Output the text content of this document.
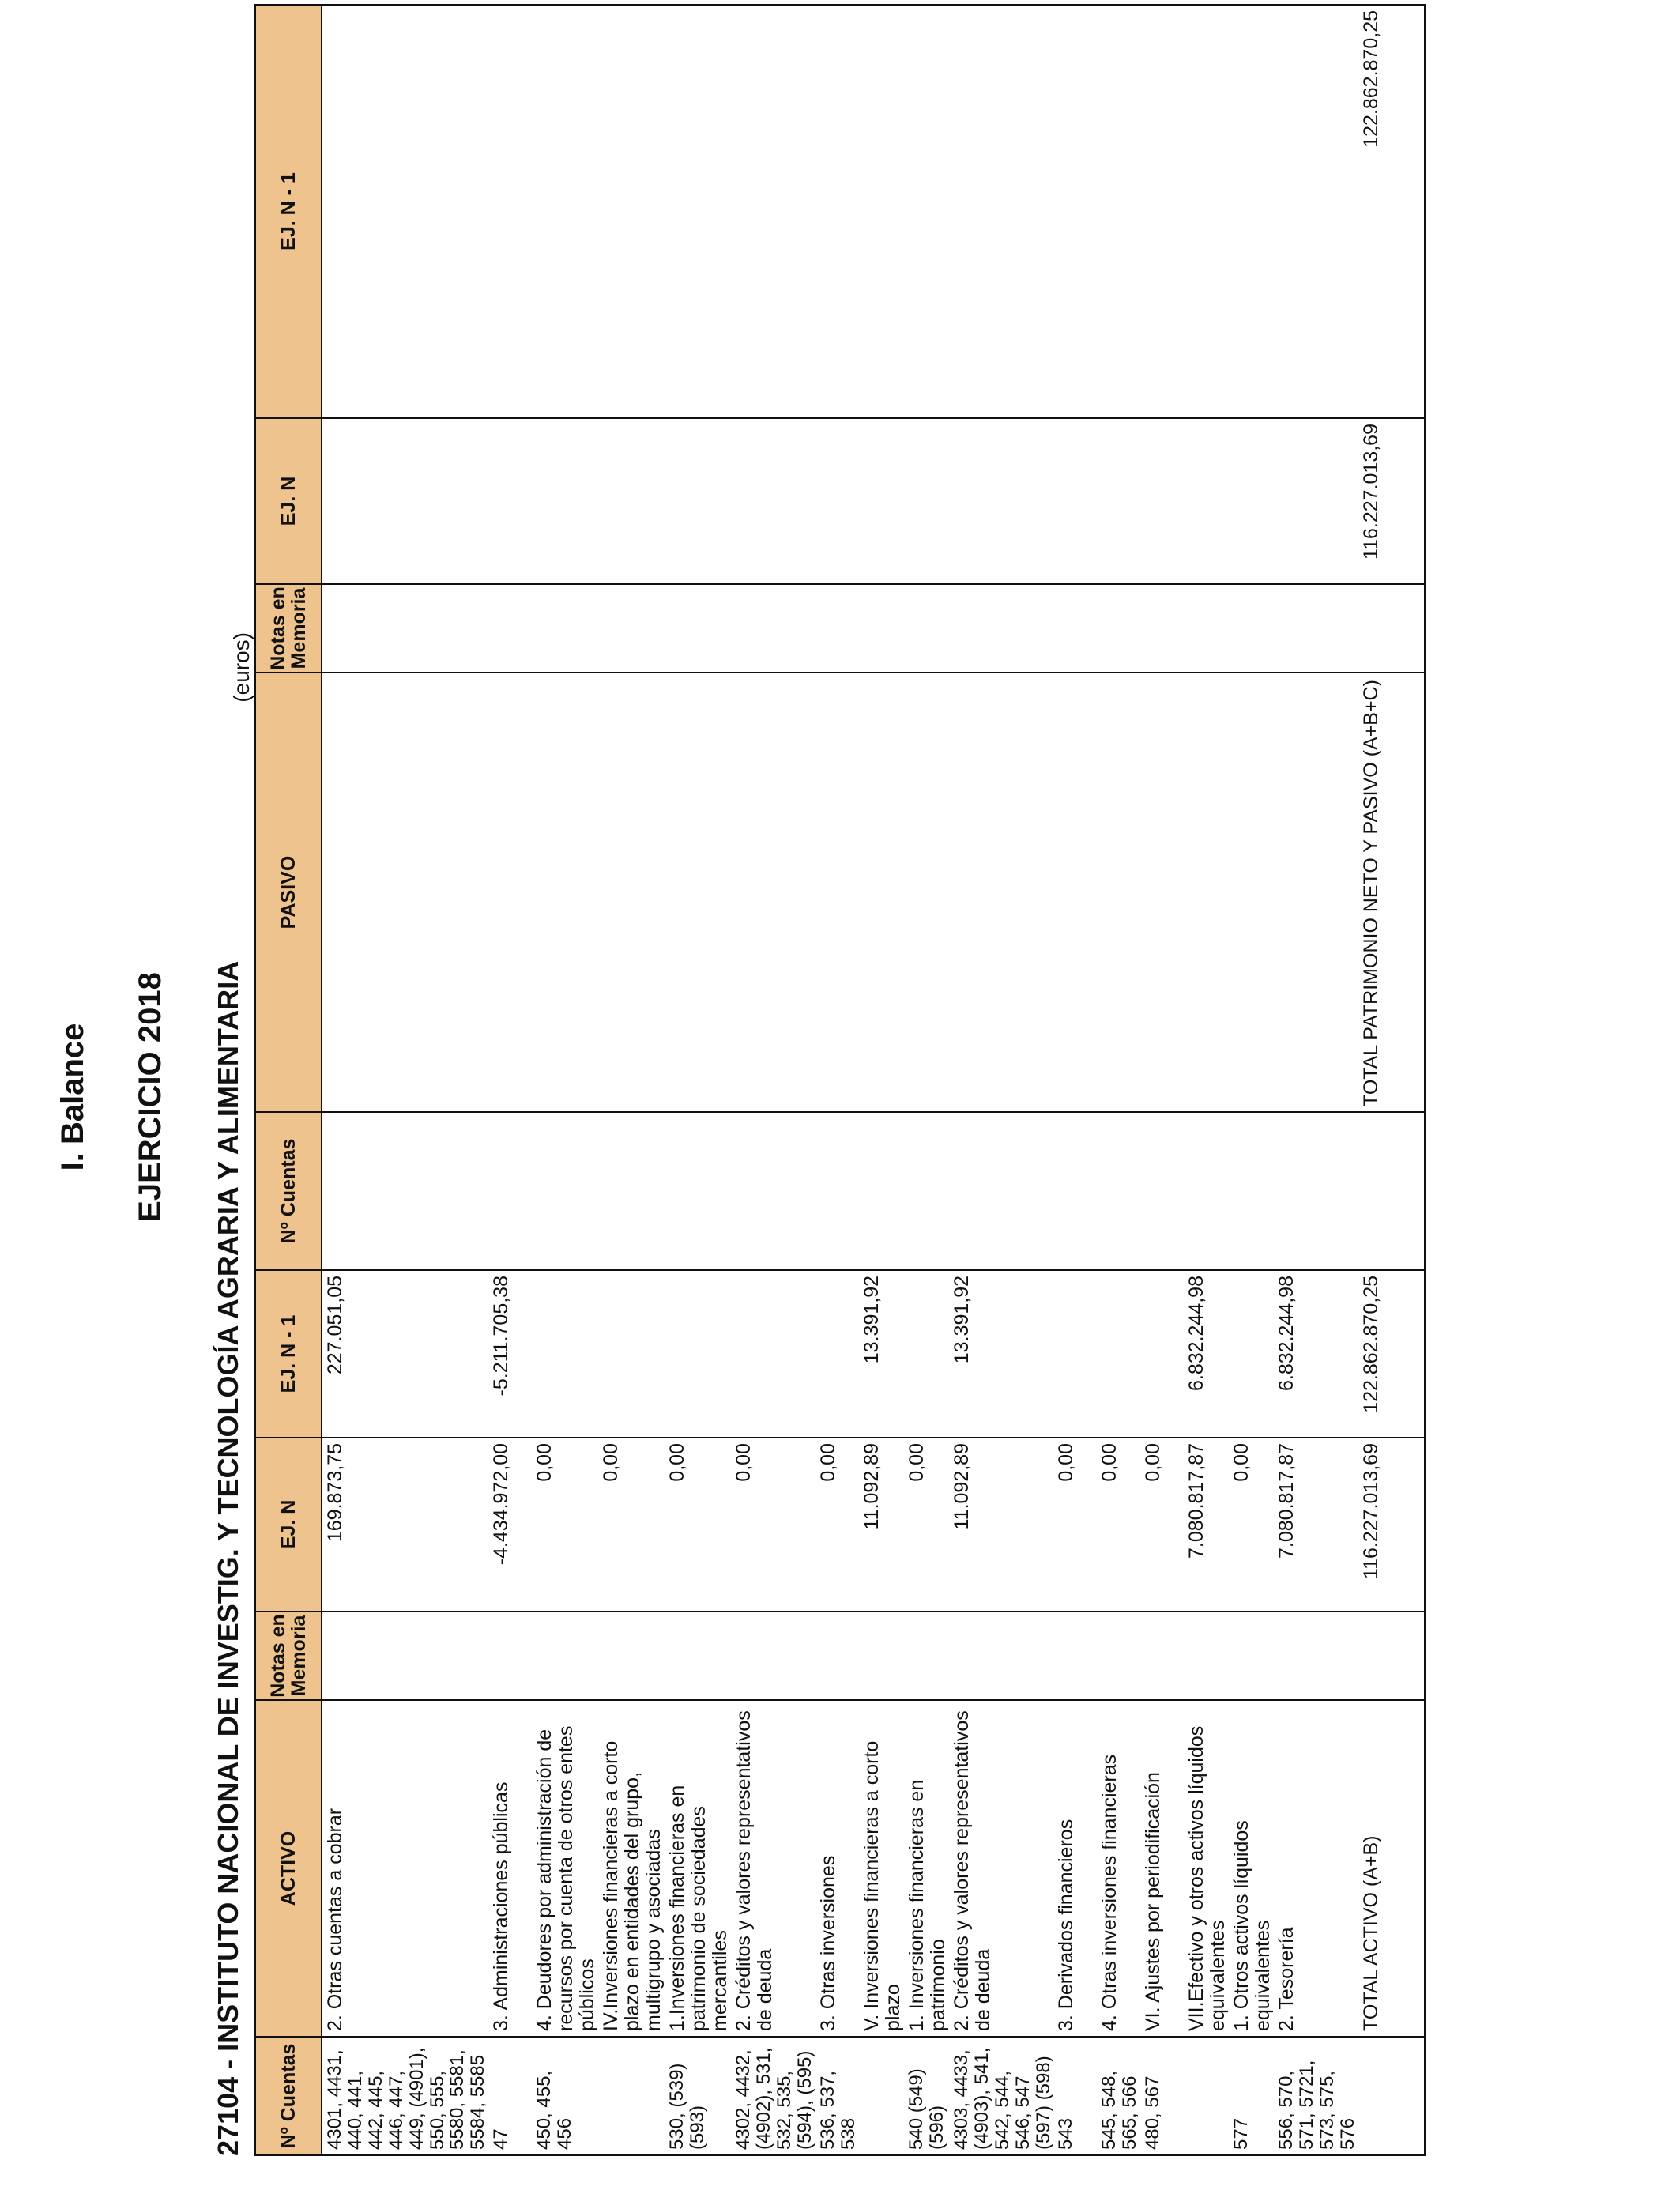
I. Balance EJERCICIO 2018 27104 - INSTITUTO NACIONAL DE INVESTIG. Y TECNOLOGÍA AGRARIA Y ALIMENTARIA
(euros)
Nº Cuentas	ACTIVO	Notas en Memoria	EJ. N	EJ. N - 1	Nº Cuentas	PASIVO	Notas en Memoria	EJ. N	EJ. N - 1
4301, 4431, 440, 441, 442, 445, 446, 447, 449, (4901), 550, 555, 5580, 5581, 5584, 5585	2. Otras cuentas a cobrar		169.873,75	227.051,05					
47	3. Administraciones públicas		-4.434.972,00	-5.211.705,38					
450, 455, 456	4. Deudores por administración de recursos por cuenta de otros entes públicos		0,00						
	IV.Inversiones financieras a corto plazo en entidades del grupo, multigrupo y asociadas		0,00						
530, (539) (593)	1.Inversiones financieras en patrimonio de sociedades mercantiles		0,00						
4302, 4432, (4902), 531, 532, 535, (594), (595)	2. Créditos y valores representativos de deuda		0,00						
536, 537, 538	3. Otras inversiones		0,00						
	V. Inversiones financieras a corto plazo		11.092,89	13.391,92					
540 (549) (596)	1. Inversiones financieras en patrimonio		0,00						
4303, 4433, (4903), 541, 542, 544, 546, 547 (597) (598)	2. Créditos y valores representativos de deuda		11.092,89	13.391,92					
543	3. Derivados financieros		0,00						
545, 548, 565, 566	4. Otras inversiones financieras		0,00						
480, 567	VI. Ajustes por periodificación		0,00						
	VII.Efectivo y otros activos líquidos equivalentes		7.080.817,87	6.832.244,98					
577	1. Otros activos líquidos equivalentes		0,00						
556, 570, 571, 5721, 573, 575, 576	2. Tesorería		7.080.817,87	6.832.244,98					
	TOTAL ACTIVO (A+B)		116.227.013,69	122.862.870,25		TOTAL PATRIMONIO NETO Y PASIVO (A+B+C)		116.227.013,69	122.862.870,25
